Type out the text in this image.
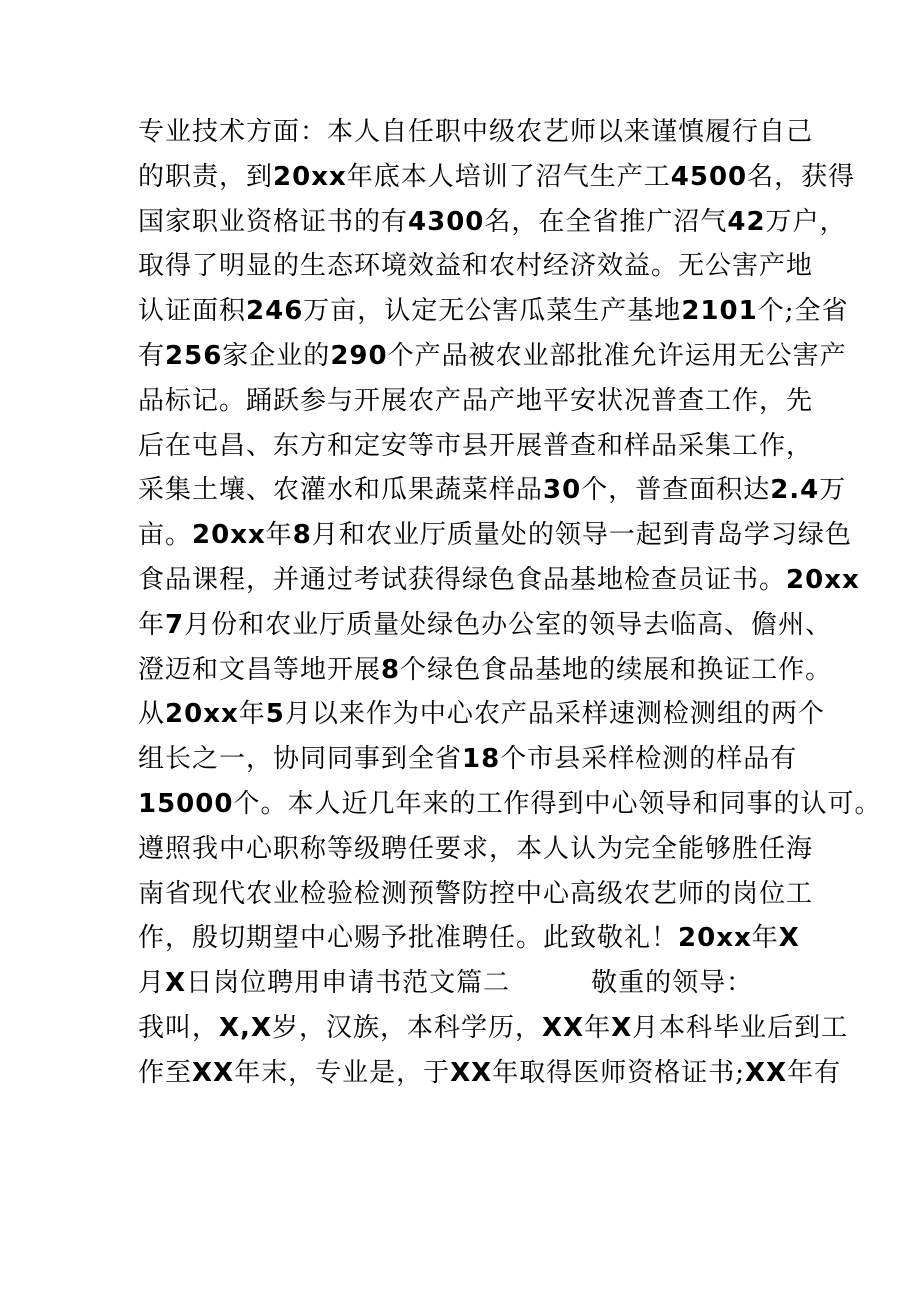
专业技术方面：本人自任职中级农艺师以来谨慎履行自己
的职责，到20xx年底本人培训了沼气生产工4500名，获得
国家职业资格证书的有4300名，在全省推广沼气42万户，
取得了明显的生态环境效益和农村经济效益。无公害产地
认证面积246万亩，认定无公害瓜菜生产基地2101个;全省
有256家企业的290个产品被农业部批准允许运用无公害产
品标记。踊跃参与开展农产品产地平安状况普查工作，先
后在屯昌、东方和定安等市县开展普查和样品采集工作，
采集土壤、农灌水和瓜果蔬菜样品30个，普查面积达2.4万
亩。20xx年8月和农业厅质量处的领导一起到青岛学习绿色
食品课程，并通过考试获得绿色食品基地检查员证书。20xx
年7月份和农业厅质量处绿色办公室的领导去临高、儋州、
澄迈和文昌等地开展8个绿色食品基地的续展和换证工作。
从20xx年5月以来作为中心农产品采样速测检测组的两个
组长之一，协同同事到全省18个市县采样检测的样品有
15000个。本人近几年来的工作得到中心领导和同事的认可。
遵照我中心职称等级聘任要求，本人认为完全能够胜任海
南省现代农业检验检测预警防控中心高级农艺师的岗位工
作，殷切期望中心赐予批准聘任。此致敬礼！20xx年X
月X日岗位聘用申请书范文篇二　　　敬重的领导：
我叫，X,X岁，汉族，本科学历，XX年X月本科毕业后到工
作至XX年末，专业是，于XX年取得医师资格证书;XX年有
